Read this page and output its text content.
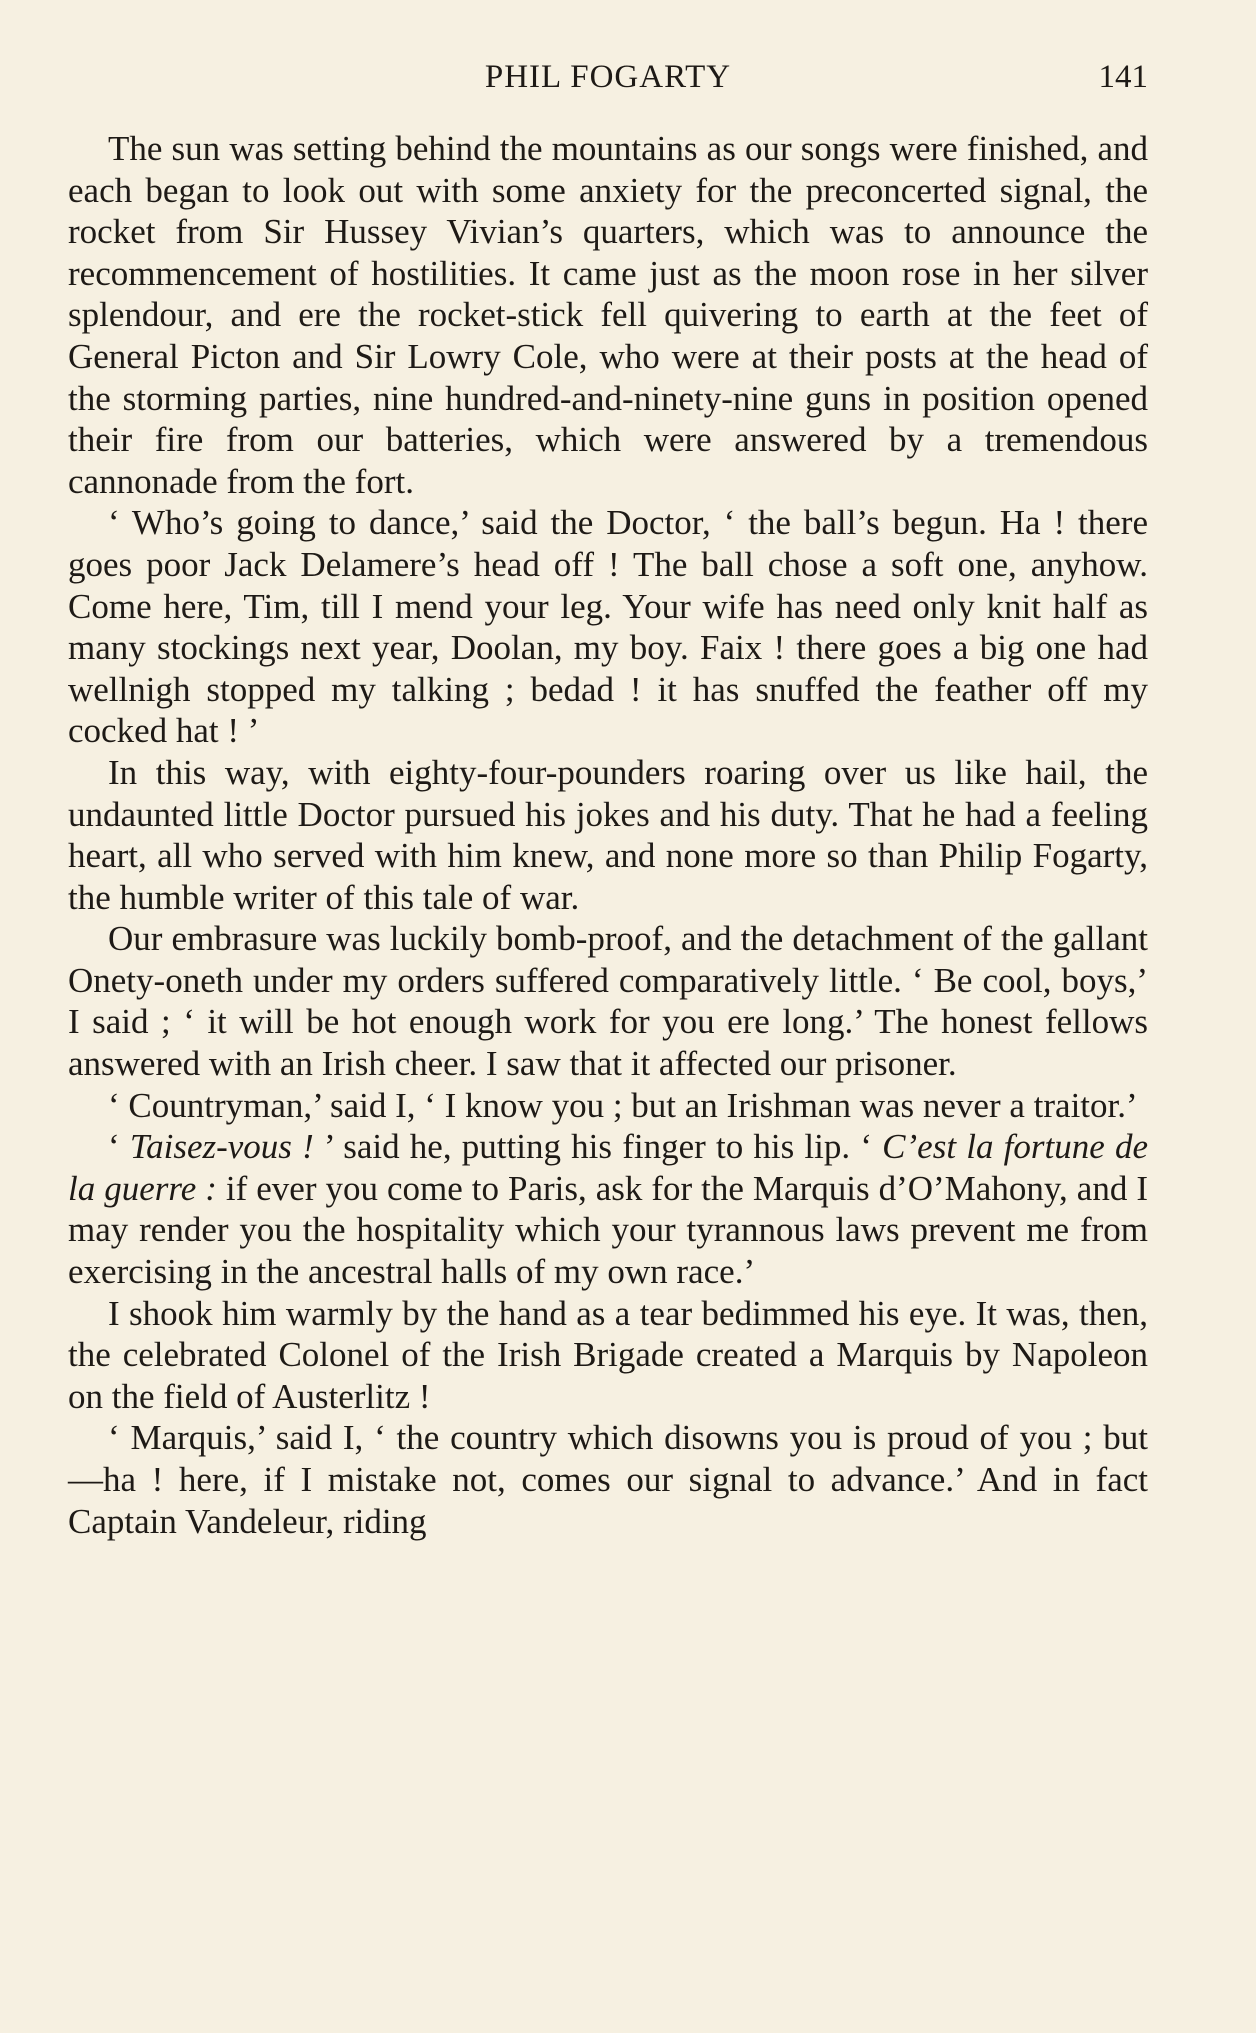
PHIL FOGARTY	141

The sun was setting behind the mountains as our songs were finished, and each began to look out with some anxiety for the preconcerted signal, the rocket from Sir Hussey Vivian’s quarters, which was to announce the recommencement of hostilities. It came just as the moon rose in her silver splendour, and ere the rocket-stick fell quivering to earth at the feet of General Picton and Sir Lowry Cole, who were at their posts at the head of the storming parties, nine hundred-and-ninety-nine guns in position opened their fire from our batteries, which were answered by a tremendous cannonade from the fort.

‘ Who’s going to dance,’ said the Doctor, ‘ the ball’s begun. Ha ! there goes poor Jack Delamere’s head off ! The ball chose a soft one, anyhow. Come here, Tim, till I mend your leg. Your wife has need only knit half as many stockings next year, Doolan, my boy. Faix ! there goes a big one had wellnigh stopped my talking ; bedad ! it has snuffed the feather off my cocked hat ! ’

In this way, with eighty-four-pounders roaring over us like hail, the undaunted little Doctor pursued his jokes and his duty. That he had a feeling heart, all who served with him knew, and none more so than Philip Fogarty, the humble writer of this tale of war.

Our embrasure was luckily bomb-proof, and the detachment of the gallant Onety-oneth under my orders suffered comparatively little. ‘ Be cool, boys,’ I said ; ‘ it will be hot enough work for you ere long.’ The honest fellows answered with an Irish cheer. I saw that it affected our prisoner.

‘ Countryman,’ said I, ‘ I know you ; but an Irishman was never a traitor.’

‘ Taisez-vous ! ’ said he, putting his finger to his lip. ‘ C’est la fortune de la guerre : if ever you come to Paris, ask for the Marquis d’O’Mahony, and I may render you the hospitality which your tyrannous laws prevent me from exercising in the ancestral halls of my own race.’

I shook him warmly by the hand as a tear bedimmed his eye. It was, then, the celebrated Colonel of the Irish Brigade created a Marquis by Napoleon on the field of Austerlitz !

‘ Marquis,’ said I, ‘ the country which disowns you is proud of you ; but—ha ! here, if I mistake not, comes our signal to advance.’ And in fact Captain Vandeleur, riding
